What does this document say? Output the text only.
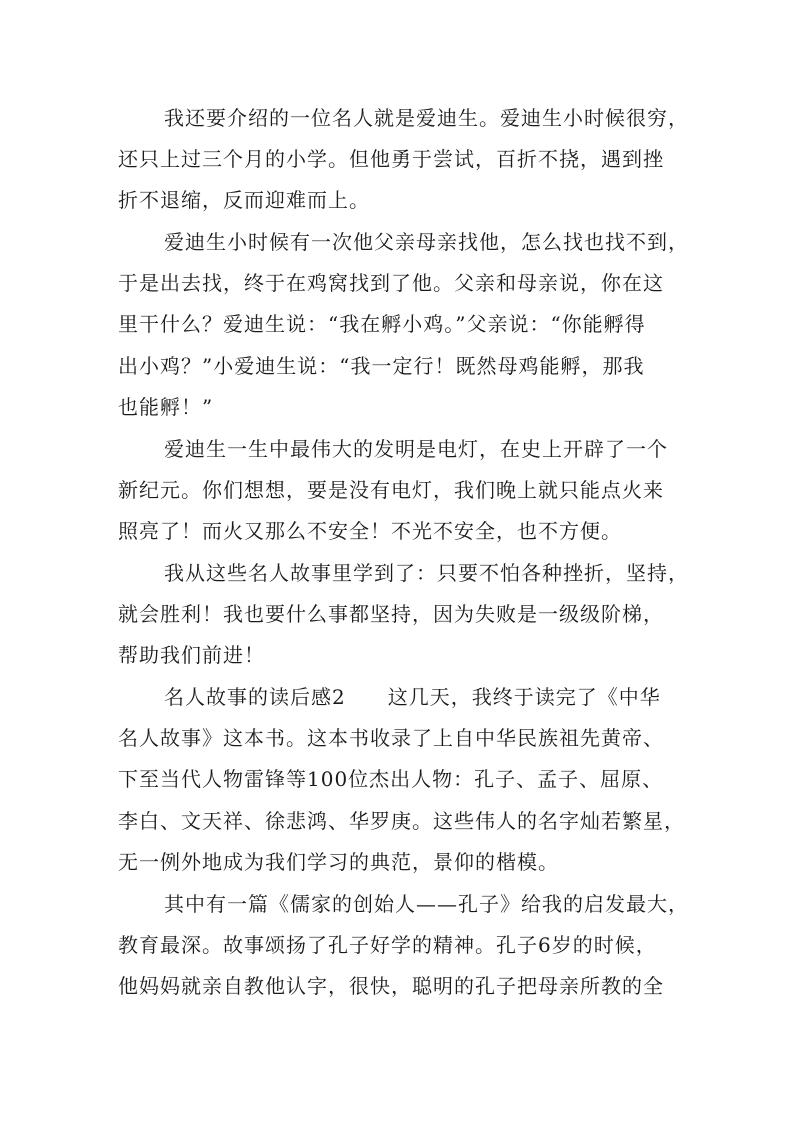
我还要介绍的一位名人就是爱迪生。爱迪生小时候很穷，
还只上过三个月的小学。但他勇于尝试，百折不挠，遇到挫
折不退缩，反而迎难而上。
爱迪生小时候有一次他父亲母亲找他，怎么找也找不到，
于是出去找，终于在鸡窝找到了他。父亲和母亲说，你在这
里干什么？爱迪生说：“我在孵小鸡。”父亲说：“你能孵得
出小鸡？”小爱迪生说：“我一定行！既然母鸡能孵，那我
也能孵！”
爱迪生一生中最伟大的发明是电灯，在史上开辟了一个
新纪元。你们想想，要是没有电灯，我们晚上就只能点火来
照亮了！而火又那么不安全！不光不安全，也不方便。
我从这些名人故事里学到了：只要不怕各种挫折，坚持，
就会胜利！我也要什么事都坚持，因为失败是一级级阶梯，
帮助我们前进！
名人故事的读后感2　　这几天，我终于读完了《中华
名人故事》这本书。这本书收录了上自中华民族祖先黄帝、
下至当代人物雷锋等100位杰出人物：孔子、孟子、屈原、
李白、文天祥、徐悲鸿、华罗庚。这些伟人的名字灿若繁星，
无一例外地成为我们学习的典范，景仰的楷模。
其中有一篇《儒家的创始人——孔子》给我的启发最大，
教育最深。故事颂扬了孔子好学的精神。孔子6岁的时候，
他妈妈就亲自教他认字，很快，聪明的孔子把母亲所教的全
